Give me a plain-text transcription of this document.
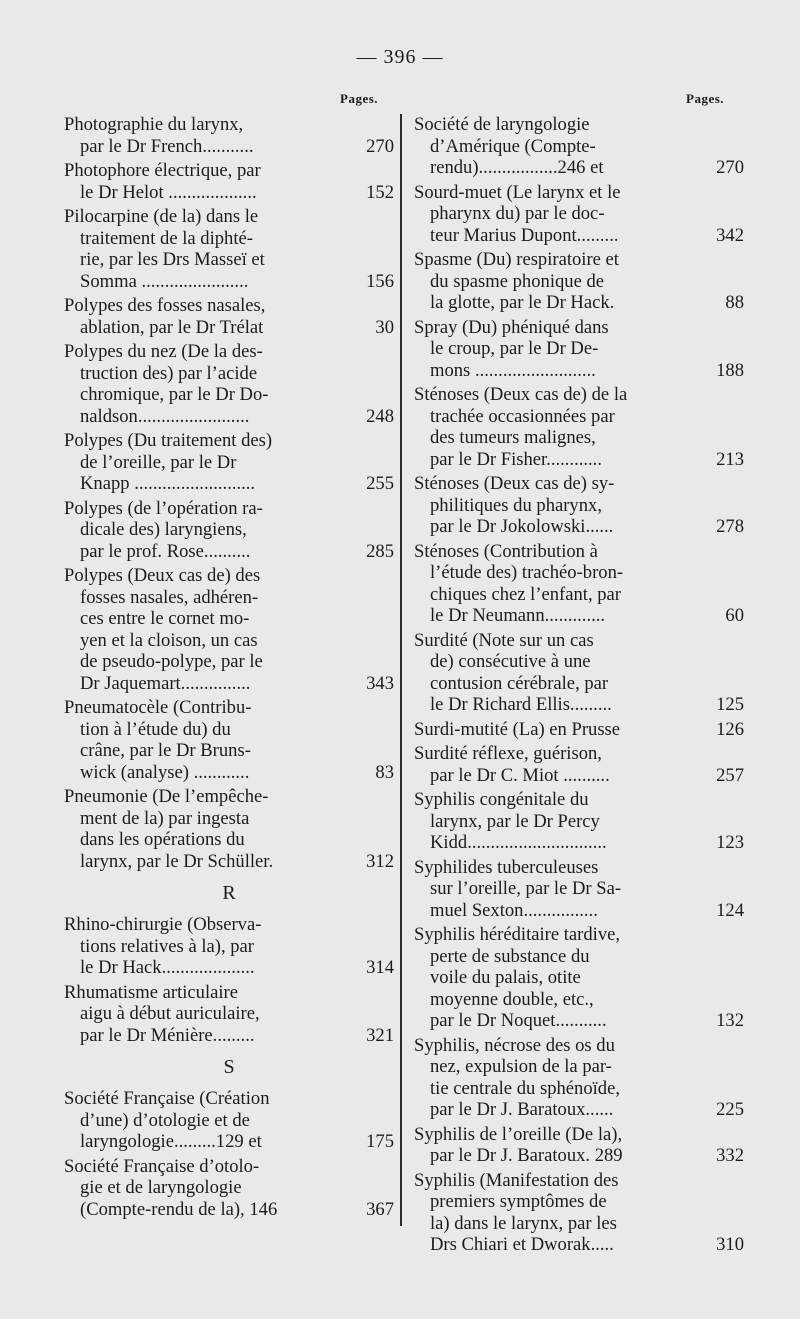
— 396 —
Pages.	Pages.
Photographie du larynx,
par le Dr French...........	270
Photophore électrique, par
le Dr Helot ...................	152
Pilocarpine (de la) dans le
traitement de la diphté-
rie, par les Drs Masseï et
Somma .......................	156
Polypes des fosses nasales,
ablation, par le Dr Trélat	30
Polypes du nez (De la des-
truction des) par l’acide
chromique, par le Dr Do-
naldson........................	248
Polypes (Du traitement des)
de l’oreille, par le Dr
Knapp ..........................	255
Polypes (de l’opération ra-
dicale des) laryngiens,
par le prof. Rose..........	285
Polypes (Deux cas de) des
fosses nasales, adhéren-
ces entre le cornet mo-
yen et la cloison, un cas
de pseudo-polype, par le
Dr Jaquemart...............	343
Pneumatocèle (Contribu-
tion à l’étude du) du
crâne, par le Dr Bruns-
wick (analyse) ............	83
Pneumonie (De l’empêche-
ment de la) par ingesta
dans les opérations du
larynx, par le Dr Schüller.	312
R
Rhino-chirurgie (Observa-
tions relatives à la), par
le Dr Hack....................	314
Rhumatisme articulaire
aigu à début auriculaire,
par le Dr Ménière.........	321
S
Société Française (Création
d’une) d’otologie et de
laryngologie.........129 et	175
Société Française d’otolo-
gie et de laryngologie
(Compte-rendu de la), 146	367
Société de laryngologie
d’Amérique (Compte-
rendu).................246 et	270
Sourd-muet (Le larynx et le
pharynx du) par le doc-
teur Marius Dupont.........	342
Spasme (Du) respiratoire et
du spasme phonique de
la glotte, par le Dr Hack.	88
Spray (Du) phéniqué dans
le croup, par le Dr De-
mons ..........................	188
Sténoses (Deux cas de) de la
trachée occasionnées par
des tumeurs malignes,
par le Dr Fisher............	213
Sténoses (Deux cas de) sy-
philitiques du pharynx,
par le Dr Jokolowski......	278
Sténoses (Contribution à
l’étude des) trachéo-bron-
chiques chez l’enfant, par
le Dr Neumann.............	60
Surdité (Note sur un cas
de) consécutive à une
contusion cérébrale, par
le Dr Richard Ellis.........	125
Surdi-mutité (La) en Prusse	126
Surdité réflexe, guérison,
par le Dr C. Miot ..........	257
Syphilis congénitale du
larynx, par le Dr Percy
Kidd..............................	123
Syphilides tuberculeuses
sur l’oreille, par le Dr Sa-
muel Sexton................	124
Syphilis héréditaire tardive,
perte de substance du
voile du palais, otite
moyenne double, etc.,
par le Dr Noquet...........	132
Syphilis, nécrose des os du
nez, expulsion de la par-
tie centrale du sphénoïde,
par le Dr J. Baratoux......	225
Syphilis de l’oreille (De la),
par le Dr J. Baratoux. 289	332
Syphilis (Manifestation des
premiers symptômes de
la) dans le larynx, par les
Drs Chiari et Dworak.....	310
